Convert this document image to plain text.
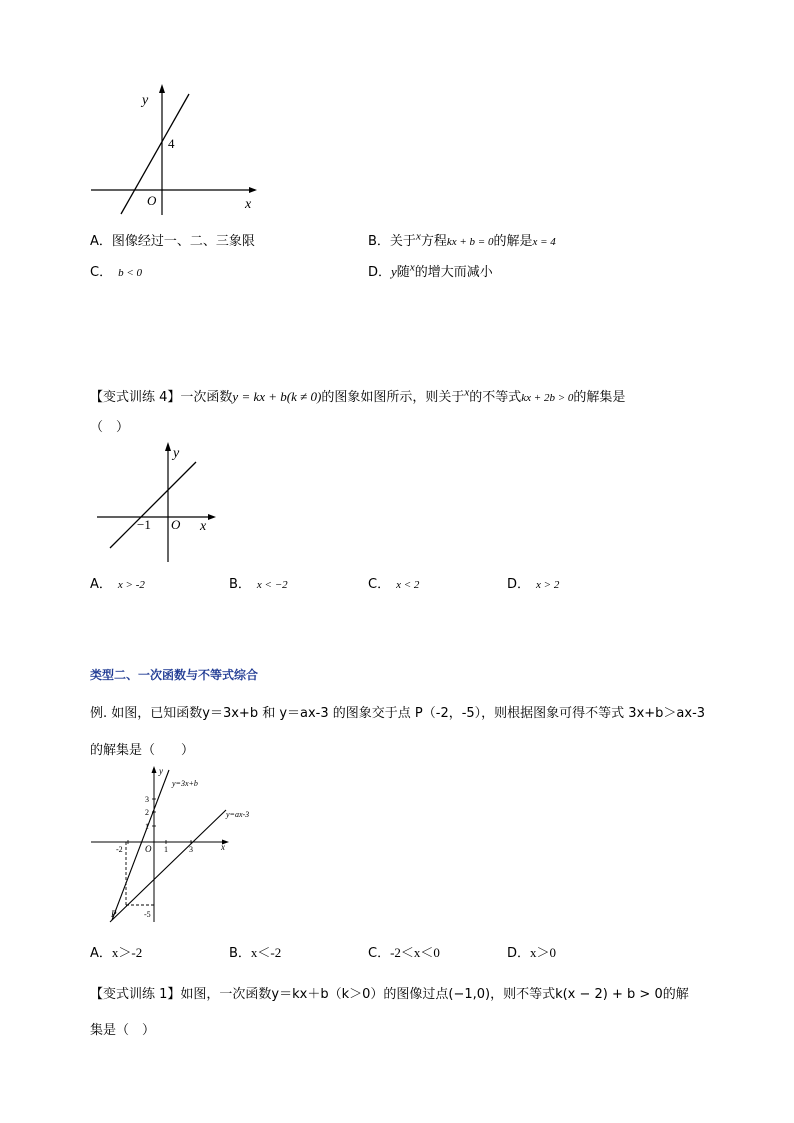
y
4
O	x
A．图像经过一、二、三象限	B．关于$^x$方程kx + b = 0的解是x = 4
C． b < 0	D．y随$^x$的增大而减小
【变式训练 4】一次函数y = kx + b(k ≠ 0)的图象如图所示，则关于$^x$的不等式kx + 2b > 0的解集是
（　）
y
−1 O x
A． x > -2	B． x < −2	C． x < 2	D． x > 2
类型二、一次函数与不等式综合
例. 如图，已知函数y＝3x+b 和 y＝ax-3 的图象交于点 P（-2，-5），则根据图象可得不等式 3x+b＞ax-3
的解集是（　　）
y
y=3x+b
y=ax-3
3
2
1
-2 O 1	3	x
P	-5
A．x＞-2	B．x＜-2	C．-2＜x＜0	D．x＞0
【变式训练 1】如图，一次函数y＝kx＋b（k＞0）的图像过点(−1,0)，则不等式k(x − 2) + b > 0的解
集是（　）
